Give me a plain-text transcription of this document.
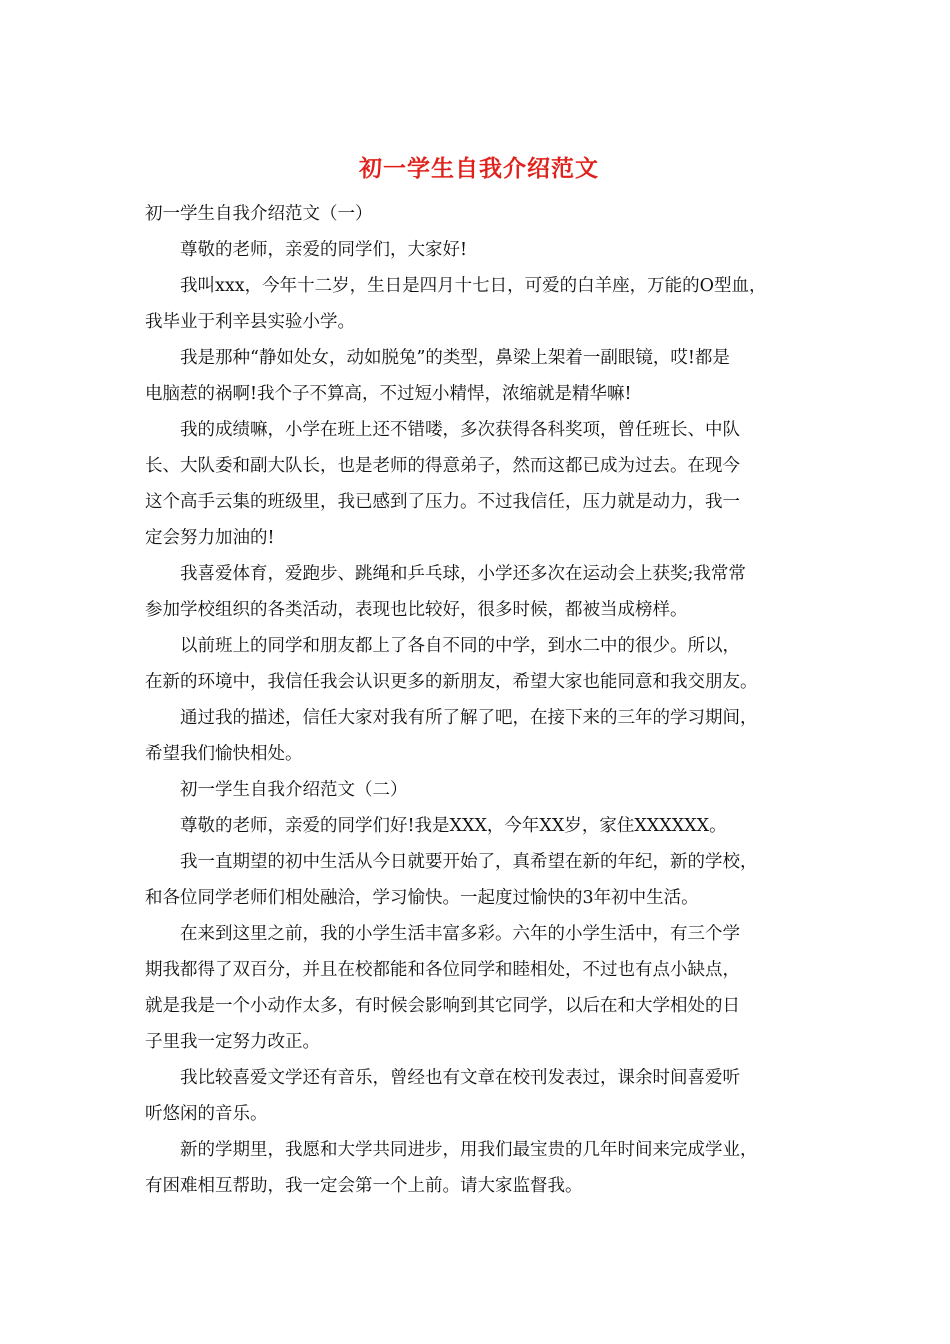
初一学生自我介绍范文

初一学生自我介绍范文（一）

尊敬的老师，亲爱的同学们，大家好!

我叫xxx，今年十二岁，生日是四月十七日，可爱的白羊座，万能的O型血，
我毕业于利辛县实验小学。

我是那种“静如处女，动如脱兔”的类型，鼻梁上架着一副眼镜，哎!都是
电脑惹的祸啊!我个子不算高，不过短小精悍，浓缩就是精华嘛!

我的成绩嘛，小学在班上还不错喽，多次获得各科奖项，曾任班长、中队
长、大队委和副大队长，也是老师的得意弟子，然而这都已成为过去。在现今
这个高手云集的班级里，我已感到了压力。不过我信任，压力就是动力，我一
定会努力加油的!

我喜爱体育，爱跑步、跳绳和乒乓球，小学还多次在运动会上获奖;我常常
参加学校组织的各类活动，表现也比较好，很多时候，都被当成榜样。

以前班上的同学和朋友都上了各自不同的中学，到水二中的很少。所以，
在新的环境中，我信任我会认识更多的新朋友，希望大家也能同意和我交朋友。

通过我的描述，信任大家对我有所了解了吧，在接下来的三年的学习期间，
希望我们愉快相处。

初一学生自我介绍范文（二）

尊敬的老师，亲爱的同学们好!我是XXX，今年XX岁，家住XXXXXX。

我一直期望的初中生活从今日就要开始了，真希望在新的年纪，新的学校，
和各位同学老师们相处融洽，学习愉快。一起度过愉快的3年初中生活。

在来到这里之前，我的小学生活丰富多彩。六年的小学生活中，有三个学
期我都得了双百分，并且在校都能和各位同学和睦相处，不过也有点小缺点，
就是我是一个小动作太多，有时候会影响到其它同学，以后在和大学相处的日
子里我一定努力改正。

我比较喜爱文学还有音乐，曾经也有文章在校刊发表过，课余时间喜爱听
听悠闲的音乐。

新的学期里，我愿和大学共同进步，用我们最宝贵的几年时间来完成学业，
有困难相互帮助，我一定会第一个上前。请大家监督我。
